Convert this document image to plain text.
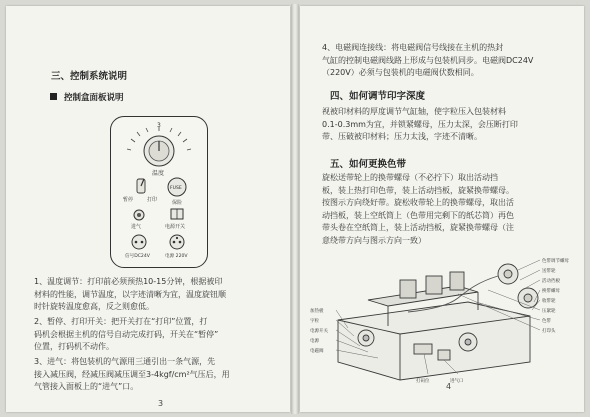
三、控制系统说明
控制盒面板说明
3
温度
暂停	打印
FUSE
保险
进气	电源开关
信号DC24V	电源 220V
1、温度调节：打印前必须预热10-15分钟，根据被印
材料的性能，调节温度，以字迹清晰为宜，温度旋钮顺
时针旋转温度愈高，反之则愈低。
2、暂停、打印开关：把开关打在“打印”位置，打
码机会根据主机的信号自动完成打码，开关在“暂停”
位置，打码机不动作。
3、进气：将包装机的气源用三通引出一条气源，先
接入减压阀，经减压阀减压调至3-4kgf/cm²气压后，用
气管接入面板上的“进气”口。
3
4、电磁阀连接线：将电磁阀信号线接在主机的热封
气缸的控制电磁阀线路上形成与包装机同步。电磁阀DC24V
（220V）必须与包装机的电磁阀伏数相同。
四、如何调节印字深度
视被印材料的厚度调节气缸轴，使字粒压入包装材料
0.1-0.3mm为宜，并锁紧螺母，压力太深，会压断打印
带、压破被印材料；压力太浅，字迹不清晰。
五、如何更换色带
旋松送带轮上的换带螺母（不必拧下）取出活动挡
板，装上热打印色带，装上活动挡板，旋紧换带螺母。
按图示方向绕好带。旋松收带轮上的换带螺母，取出活
动挡板，装上空纸筒上（色带用完剩下的纸芯筒）再色
带头卷在空纸筒上，装上活动挡板，旋紧换带螺母（注
意绕带方向与图示方向一致）
色带调节螺母
送带轮
活动挡板
换带螺母
收带轮
压紧轮
色带
打印头
加热板
字粒
电源开关
电源
电磁阀
打码位	进气口
4
